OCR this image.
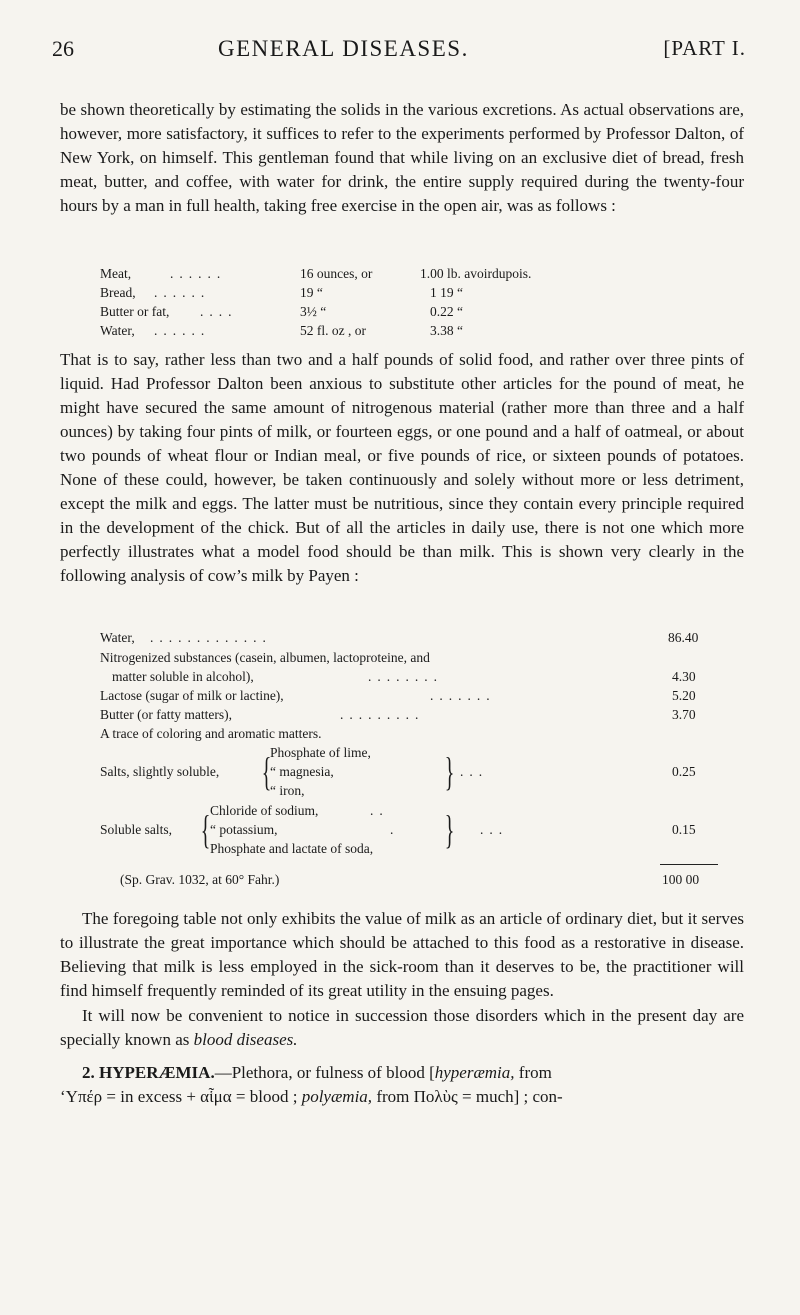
26	GENERAL DISEASES.	[PART I.

be shown theoretically by estimating the solids in the various excretions. As actual observations are, however, more satisfactory, it suffices to refer to the experiments performed by Professor Dalton, of New York, on himself. This gentleman found that while living on an exclusive diet of bread, fresh meat, butter, and coffee, with water for drink, the entire supply required during the twenty-four hours by a man in full health, taking free exercise in the open air, was as follows :

Meat,	......	16 ounces, or	1.00 lb. avoirdupois.
Bread, ......	19 “	1 19 “
Butter or fat, ....	3½ “	0.22 “
Water, ......	52 fl. oz , or	3.38 “

That is to say, rather less than two and a half pounds of solid food, and rather over three pints of liquid. Had Professor Dalton been anxious to substitute other articles for the pound of meat, he might have secured the same amount of nitrogenous material (rather more than three and a half ounces) by taking four pints of milk, or fourteen eggs, or one pound and a half of oatmeal, or about two pounds of wheat flour or Indian meal, or five pounds of rice, or sixteen pounds of potatoes. None of these could, however, be taken continuously and solely without more or less detriment, except the milk and eggs. The latter must be nutritious, since they contain every principle required in the development of the chick. But of all the articles in daily use, there is not one which more perfectly illustrates what a model food should be than milk. This is shown very clearly in the following analysis of cow’s milk by Payen :

Water, .............	86.40
Nitrogenized substances (casein, albumen, lactoproteine, and
matter soluble in alcohol),	........	4.30
Lactose (sugar of milk or lactine),	.......	5.20
Butter (or fatty matters),	.........	3.70
A trace of coloring and aromatic matters.
Salts, slightly soluble, {
Phosphate of lime,
“ magnesia,
“ iron,	} ...	0.25
Soluble salts, { Chloride of sodium,	..
“ potassium,	.
Phosphate and lactate of soda, } ...	0.15
(Sp. Grav. 1032, at 60° Fahr.)	100 00

The foregoing table not only exhibits the value of milk as an article of ordinary diet, but it serves to illustrate the great importance which should be attached to this food as a restorative in disease. Believing that milk is less employed in the sick-room than it deserves to be, the practitioner will find himself frequently reminded of its great utility in the ensuing pages.

It will now be convenient to notice in succession those disorders which in the present day are specially known as blood diseases.

2. HYPERÆMIA.—Plethora, or fulness of blood [hyperæmia, from
‘Υπέρ = in excess + αἷμα = blood ; polyæmia, from Πολὺς = much] ; con-
